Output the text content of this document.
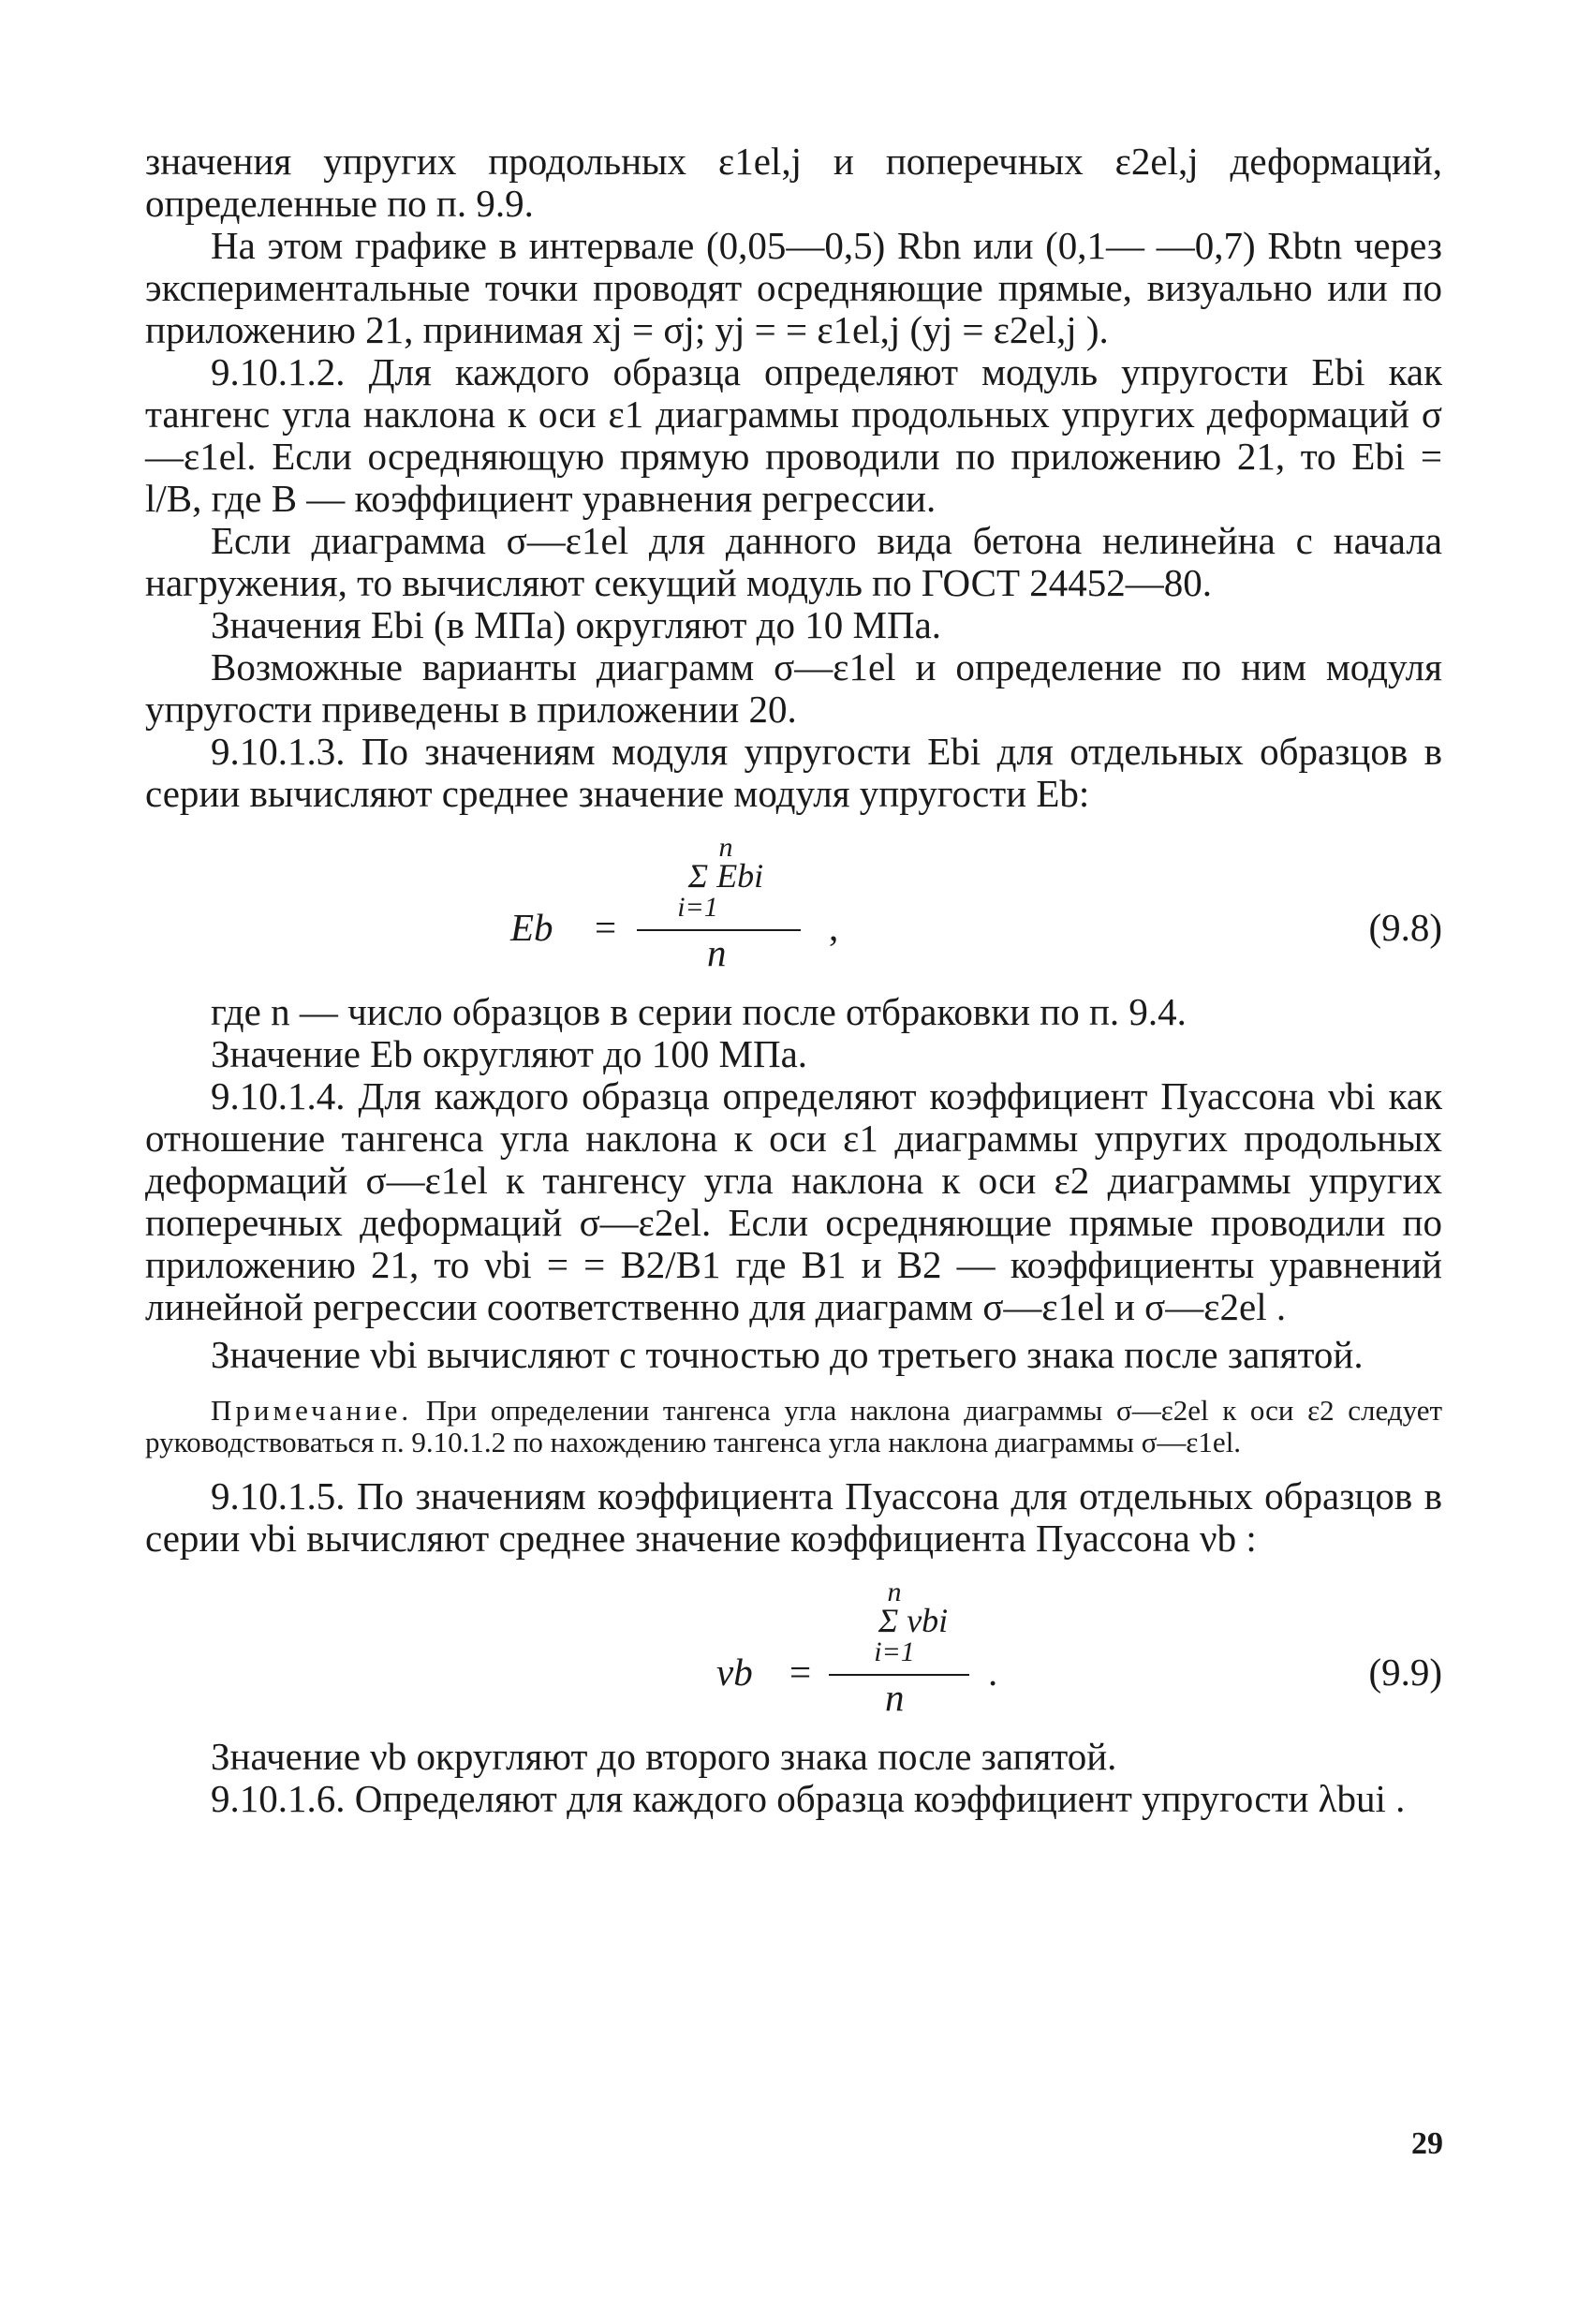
значения упругих продольных ε1el,j и поперечных ε2el,j деформаций, определенные по п. 9.9.

На этом графике в интервале (0,05—0,5) Rbn или (0,1— —0,7) Rbtn через экспериментальные точки проводят осредняющие прямые, визуально или по приложению 21, принимая xj = σj; yj = = ε1el,j (yj = ε2el,j ).

9.10.1.2. Для каждого образца определяют модуль упругости Ebi как тангенс угла наклона к оси ε1 диаграммы продольных упругих деформаций σ—ε1el. Если осредняющую прямую проводили по приложению 21, то Ebi = l/B, где B — коэффициент уравнения регрессии.

Если диаграмма σ—ε1el для данного вида бетона нелинейна с начала нагружения, то вычисляют секущий модуль по ГОСТ 24452—80.

Значения Ebi (в МПа) округляют до 10 МПа.

Возможные варианты диаграмм σ—ε1el и определение по ним модуля упругости приведены в приложении 20.

9.10.1.3. По значениям модуля упругости Ebi для отдельных образцов в серии вычисляют среднее значение модуля упругости Eb:

n
Σ Ebi
i=1
Eb =
n
,	(9.8)

где n — число образцов в серии после отбраковки по п. 9.4.

Значение Eb округляют до 100 МПа.

9.10.1.4. Для каждого образца определяют коэффициент Пуассона νbi как отношение тангенса угла наклона к оси ε1 диаграммы упругих продольных деформаций σ—ε1el к тангенсу угла наклона к оси ε2 диаграммы упругих поперечных деформаций σ—ε2el. Если осредняющие прямые проводили по приложению 21, то νbi = = B2/B1 где B1 и B2 — коэффициенты уравнений линейной регрессии соответственно для диаграмм σ—ε1el и σ—ε2el .

Значение νbi вычисляют с точностью до третьего знака после запятой.

Примечание. При определении тангенса угла наклона диаграммы σ—ε2el к оси ε2 следует руководствоваться п. 9.10.1.2 по нахождению тангенса угла наклона диаграммы σ—ε1el.

9.10.1.5. По значениям коэффициента Пуассона для отдельных образцов в серии νbi вычисляют среднее значение коэффициента Пуассона νb :

n
Σ νbi
i=1
νb =
n
.	(9.9)

Значение νb округляют до второго знака после запятой.

9.10.1.6. Определяют для каждого образца коэффициент упругости λbui .

29
